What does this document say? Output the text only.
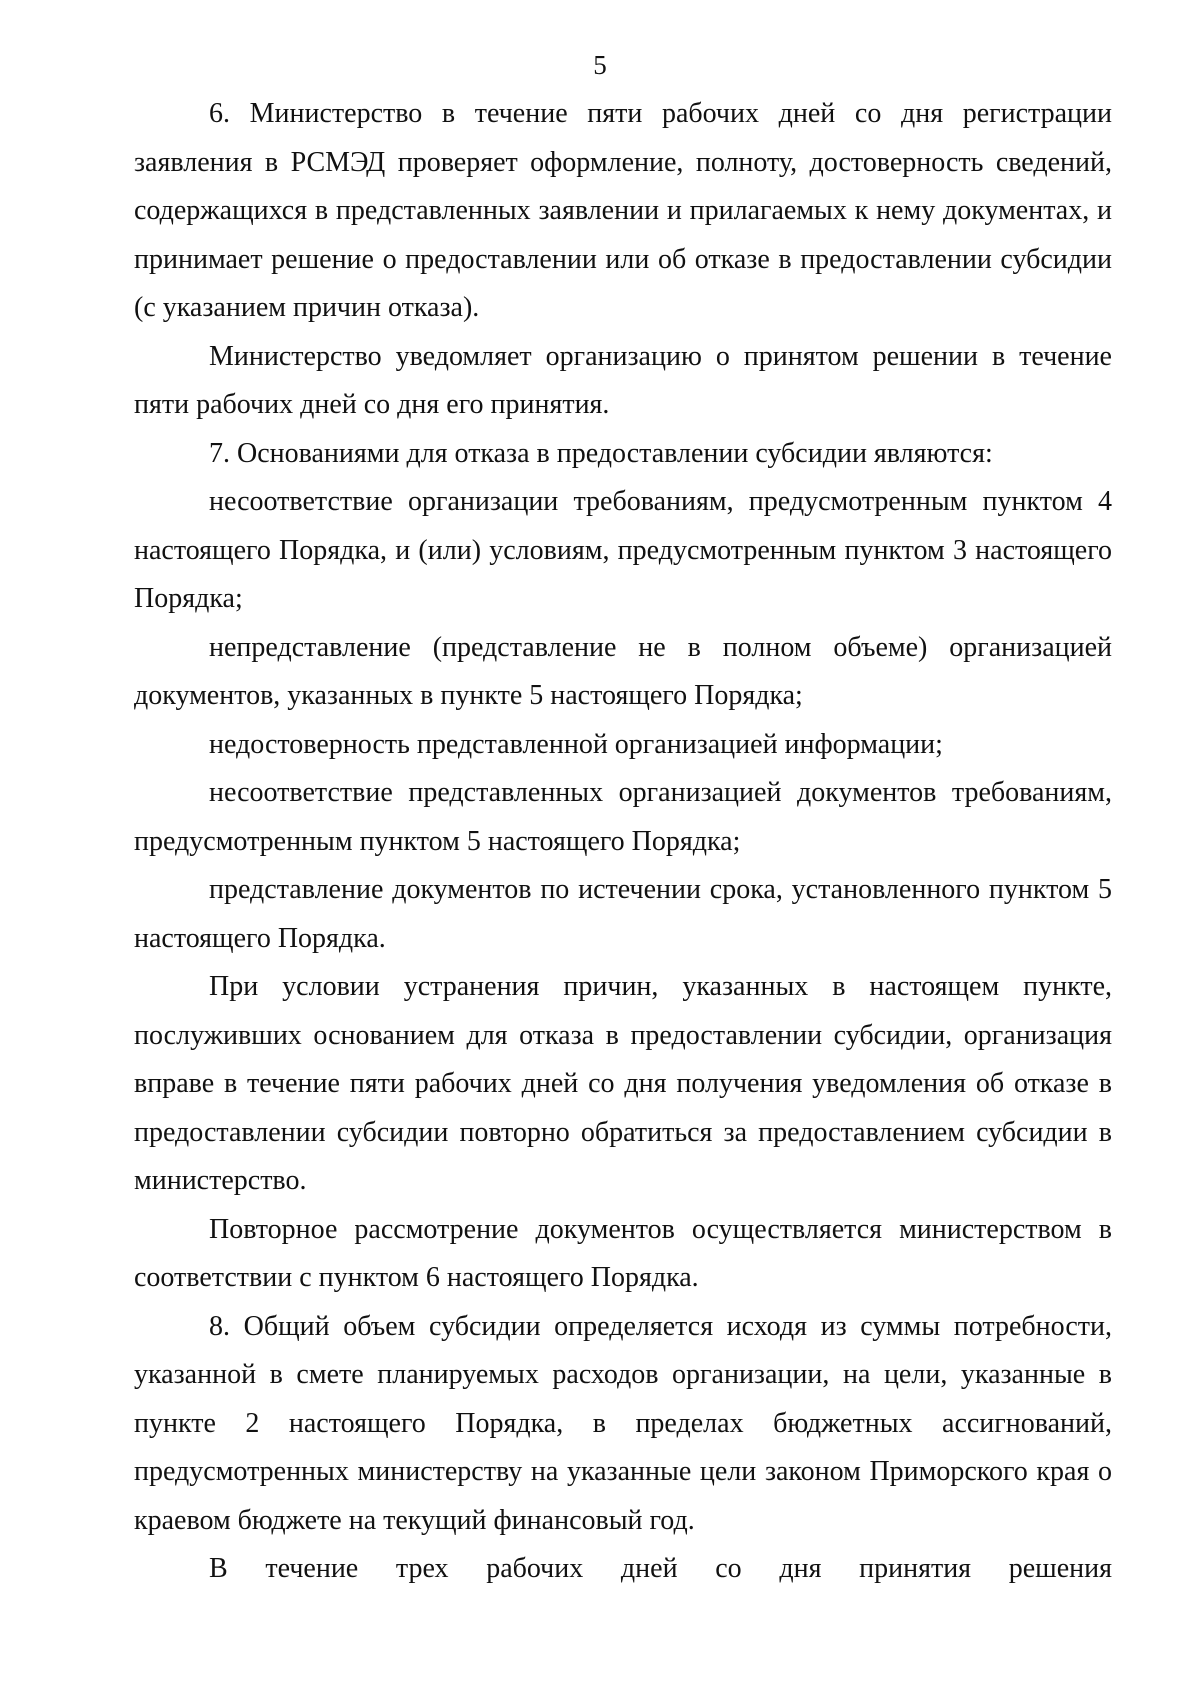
5

6. Министерство в течение пяти рабочих дней со дня регистрации заявления в РСМЭД проверяет оформление, полноту, достоверность сведений, содержащихся в представленных заявлении и прилагаемых к нему документах, и принимает решение о предоставлении или об отказе в предоставлении субсидии (с указанием причин отказа).

Министерство уведомляет организацию о принятом решении в течение пяти рабочих дней со дня его принятия.

7. Основаниями для отказа в предоставлении субсидии являются:

несоответствие организации требованиям, предусмотренным пунктом 4 настоящего Порядка, и (или) условиям, предусмотренным пунктом 3 настоящего Порядка;

непредставление (представление не в полном объеме) организацией документов, указанных в пункте 5 настоящего Порядка;

недостоверность представленной организацией информации;

несоответствие представленных организацией документов требованиям, предусмотренным пунктом 5 настоящего Порядка;

представление документов по истечении срока, установленного пунктом 5 настоящего Порядка.

При условии устранения причин, указанных в настоящем пункте, послуживших основанием для отказа в предоставлении субсидии, организация вправе в течение пяти рабочих дней со дня получения уведомления об отказе в предоставлении субсидии повторно обратиться за предоставлением субсидии в министерство.

Повторное рассмотрение документов осуществляется министерством в соответствии с пунктом 6 настоящего Порядка.

8. Общий объем субсидии определяется исходя из суммы потребности, указанной в смете планируемых расходов организации, на цели, указанные в пункте 2 настоящего Порядка, в пределах бюджетных ассигнований, предусмотренных министерству на указанные цели законом Приморского края о краевом бюджете на текущий финансовый год.

В течение трех рабочих дней со дня принятия решения
